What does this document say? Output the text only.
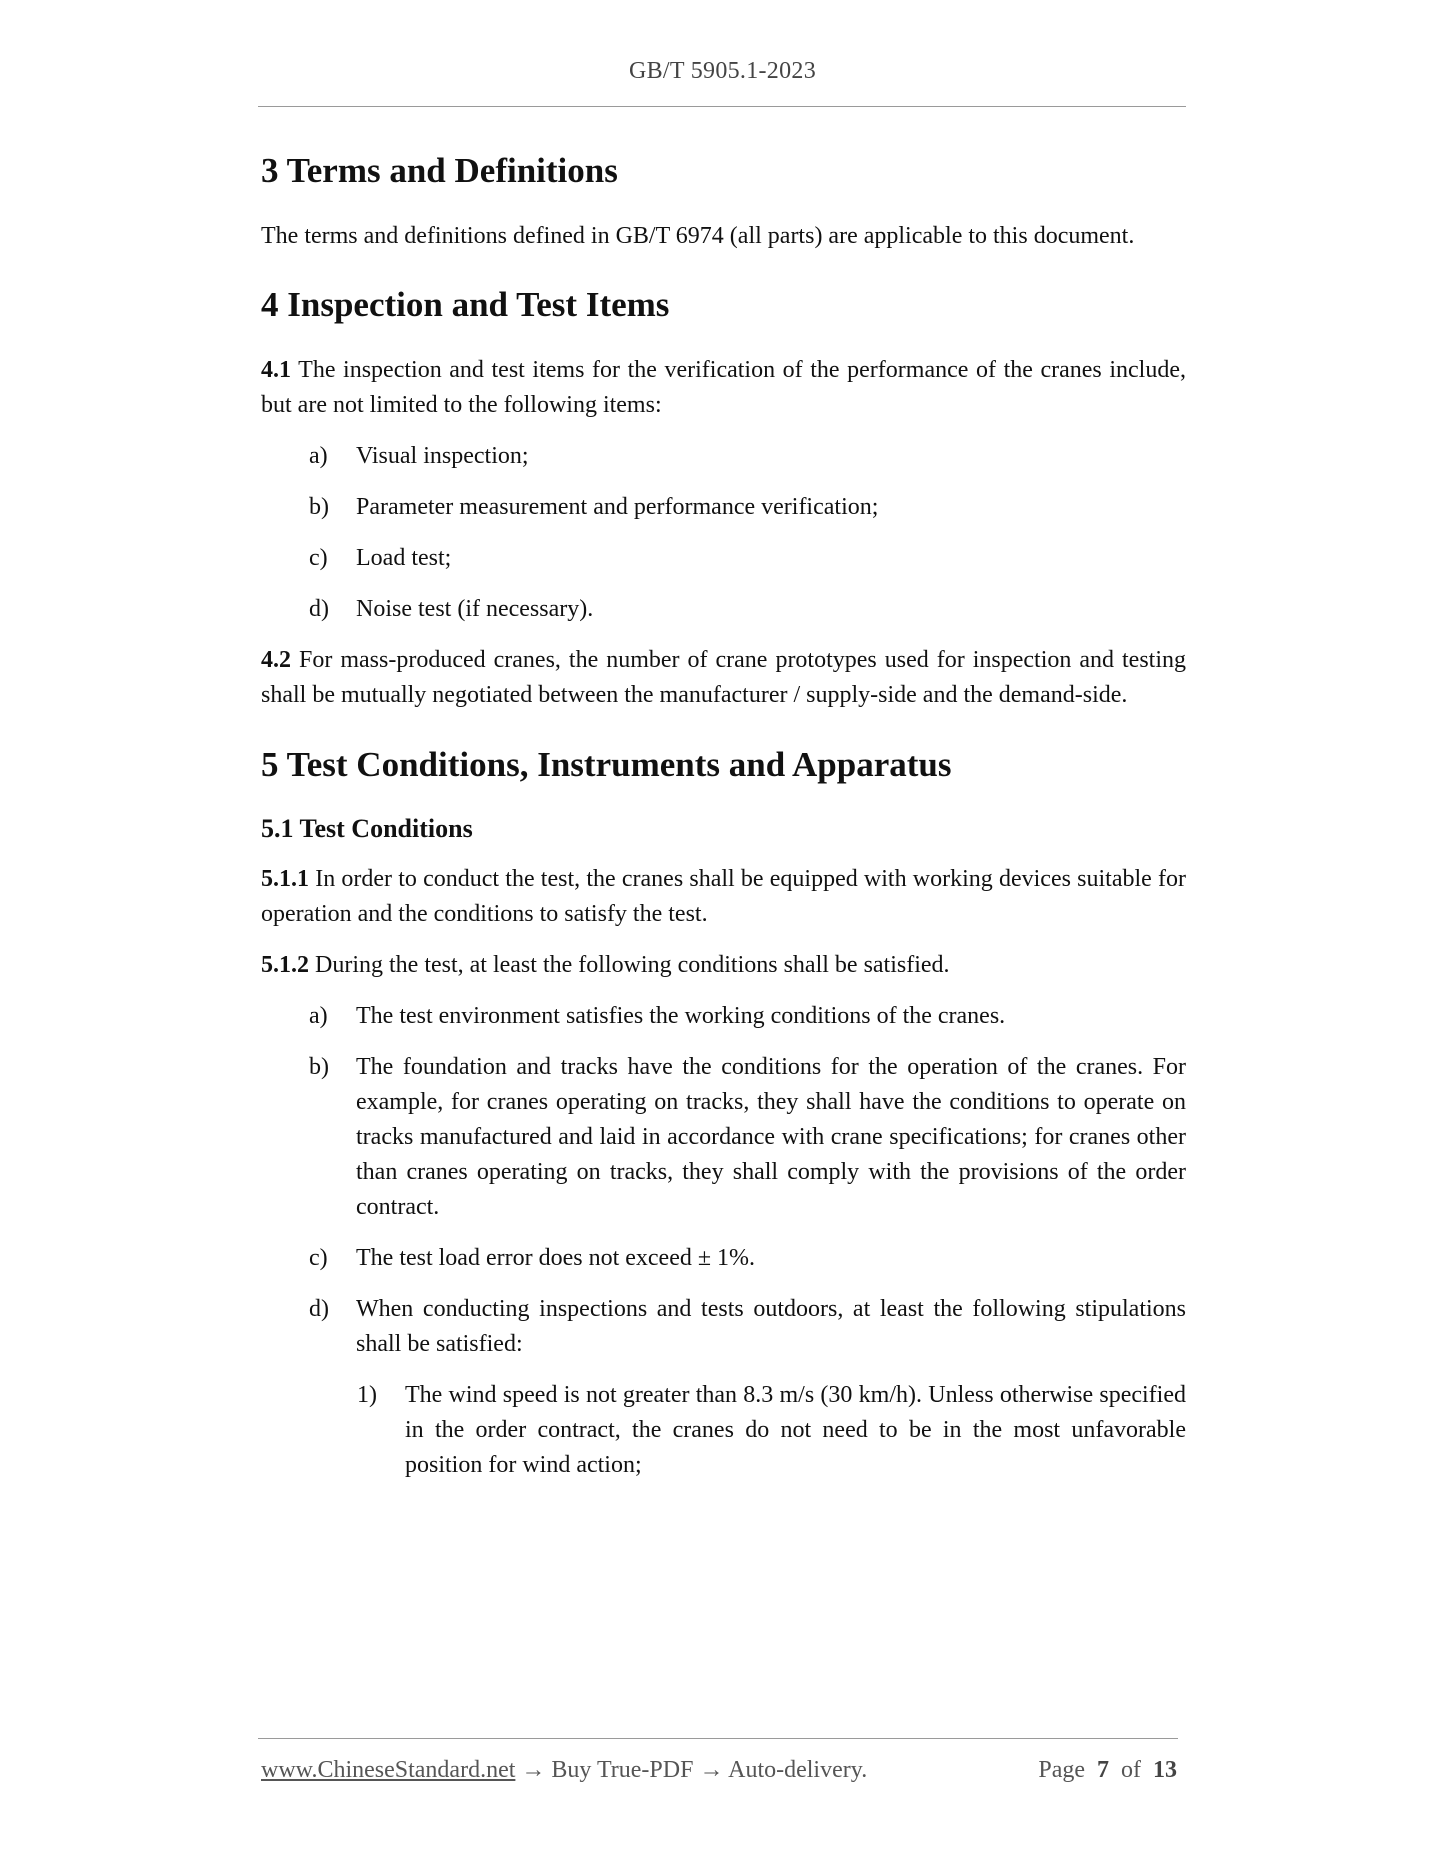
GB/T 5905.1-2023
3 Terms and Definitions

The terms and definitions defined in GB/T 6974 (all parts) are applicable to this document.

4 Inspection and Test Items

4.1 The inspection and test items for the verification of the performance of the cranes include, but are not limited to the following items:

a) Visual inspection;
b) Parameter measurement and performance verification;
c) Load test;
d) Noise test (if necessary).

4.2 For mass-produced cranes, the number of crane prototypes used for inspection and testing shall be mutually negotiated between the manufacturer / supply-side and the demand-side.

5 Test Conditions, Instruments and Apparatus
5.1 Test Conditions

5.1.1 In order to conduct the test, the cranes shall be equipped with working devices suitable for operation and the conditions to satisfy the test.

5.1.2 During the test, at least the following conditions shall be satisfied.

a) The test environment satisfies the working conditions of the cranes.
b) The foundation and tracks have the conditions for the operation of the cranes. For example, for cranes operating on tracks, they shall have the conditions to operate on tracks manufactured and laid in accordance with crane specifications; for cranes other than cranes operating on tracks, they shall comply with the provisions of the order contract.
c) The test load error does not exceed ± 1%.
d) When conducting inspections and tests outdoors, at least the following stipulations shall be satisfied:
1) The wind speed is not greater than 8.3 m/s (30 km/h). Unless otherwise specified in the order contract, the cranes do not need to be in the most unfavorable position for wind action;
www.ChineseStandard.net → Buy True-PDF → Auto-delivery.	Page 7 of 13
